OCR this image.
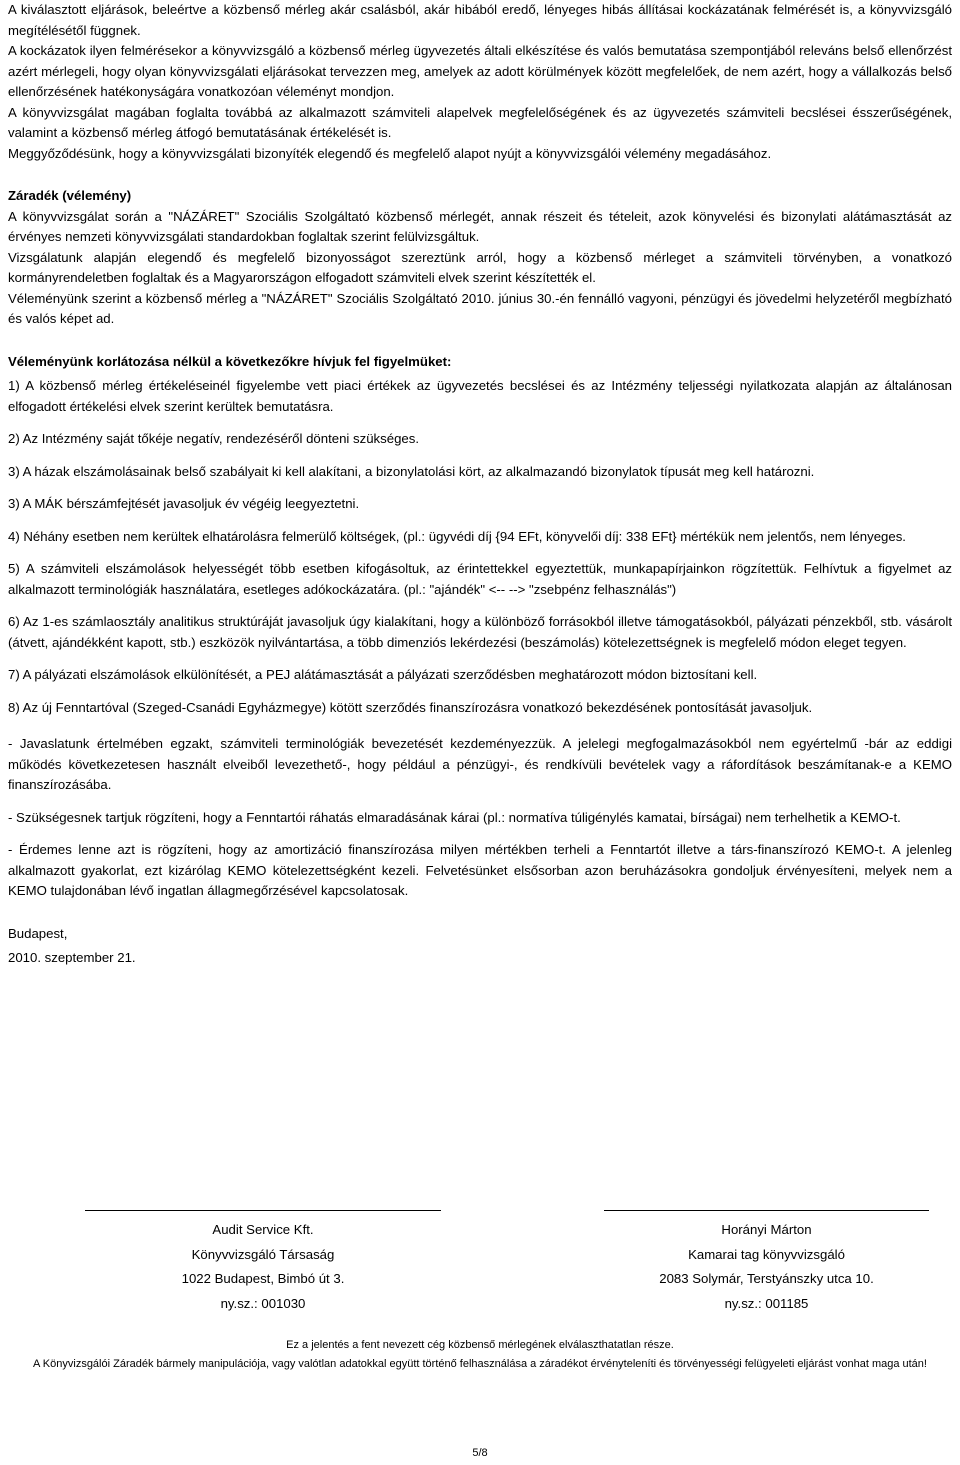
A kiválasztott eljárások, beleértve a közbenső mérleg akár csalásból, akár hibából eredő, lényeges hibás állításai kockázatának felmérését is, a könyvvizsgáló megítélésétől függnek.

A kockázatok ilyen felmérésekor a könyvvizsgáló a közbenső mérleg ügyvezetés általi elkészítése és valós bemutatása szempontjából releváns belső ellenőrzést azért mérlegeli, hogy olyan könyvvizsgálati eljárásokat tervezzen meg, amelyek az adott körülmények között megfelelőek, de nem azért, hogy a vállalkozás belső ellenőrzésének hatékonyságára vonatkozóan véleményt mondjon.

A könyvvizsgálat magában foglalta továbbá az alkalmazott számviteli alapelvek megfelelőségének és az ügyvezetés számviteli becslései ésszerűségének, valamint a közbenső mérleg átfogó bemutatásának értékelését is.

Meggyőződésünk, hogy a könyvvizsgálati bizonyíték elegendő és megfelelő alapot nyújt a könyvvizsgálói vélemény megadásához.

Záradék (vélemény)

A könyvvizsgálat során a "NÁZÁRET" Szociális Szolgáltató közbenső mérlegét, annak részeit és tételeit, azok könyvelési és bizonylati alátámasztását az érvényes nemzeti könyvvizsgálati standardokban foglaltak szerint felülvizsgáltuk.

Vizsgálatunk alapján elegendő és megfelelő bizonyosságot szereztünk arról, hogy a közbenső mérleget a számviteli törvényben, a vonatkozó kormányrendeletben foglaltak és a Magyarországon elfogadott számviteli elvek szerint készítették el.

Véleményünk szerint a közbenső mérleg a "NÁZÁRET" Szociális Szolgáltató 2010. június 30.-én fennálló vagyoni, pénzügyi és jövedelmi helyzetéről megbízható és valós képet ad.

Véleményünk korlátozása nélkül a következőkre hívjuk fel figyelmüket:

1) A közbenső mérleg értékeléseinél figyelembe vett piaci értékek az ügyvezetés becslései és az Intézmény teljességi nyilatkozata alapján az általánosan elfogadott értékelési elvek szerint kerültek bemutatásra.

2) Az Intézmény saját tőkéje negatív, rendezéséről dönteni szükséges.

3) A házak elszámolásainak belső szabályait ki kell alakítani, a bizonylatolási kört, az alkalmazandó bizonylatok típusát meg kell határozni.

3) A MÁK bérszámfejtését javasoljuk év végéig leegyeztetni.

4) Néhány esetben nem kerültek elhatárolásra felmerülő költségek, (pl.: ügyvédi díj {94 EFt, könyvelői díj: 338 EFt} mértékük nem jelentős, nem lényeges.

5) A számviteli elszámolások helyességét több esetben kifogásoltuk, az érintettekkel egyeztettük, munkapapírjainkon rögzítettük. Felhívtuk a figyelmet az alkalmazott terminológiák használatára, esetleges adókockázatára. (pl.: "ajándék" <-- --> "zsebpénz felhasználás")

6) Az 1-es számlaosztály analitikus struktúráját javasoljuk úgy kialakítani, hogy a különböző forrásokból illetve támogatásokból, pályázati pénzekből, stb. vásárolt (átvett, ajándékként kapott, stb.) eszközök nyilvántartása, a több dimenziós lekérdezési (beszámolás) kötelezettségnek is megfelelő módon eleget tegyen.

7) A pályázati elszámolások elkülönítését, a PEJ alátámasztását a pályázati szerződésben meghatározott módon biztosítani kell.

8) Az új Fenntartóval (Szeged-Csanádi Egyházmegye) kötött szerződés finanszírozásra vonatkozó bekezdésének pontosítását javasoljuk.

- Javaslatunk értelmében egzakt, számviteli terminológiák bevezetését kezdeményezzük. A jelelegi megfogalmazásokból nem egyértelmű -bár az eddigi működés következetesen használt elveiből levezethető-, hogy például a pénzügyi-, és rendkívüli bevételek vagy a ráfordítások beszámítanak-e a KEMO finanszírozásába.

- Szükségesnek tartjuk rögzíteni, hogy a Fenntartói ráhatás elmaradásának kárai (pl.: normatíva túligénylés kamatai, bírságai) nem terhelhetik a KEMO-t.

- Érdemes lenne azt is rögzíteni, hogy az amortizáció finanszírozása milyen mértékben terheli a Fenntartót illetve a társ-finanszírozó KEMO-t. A jelenleg alkalmazott gyakorlat, ezt kizárólag KEMO kötelezettségként kezeli. Felvetésünket elsősorban azon beruházásokra gondoljuk érvényesíteni, melyek nem a KEMO tulajdonában lévő ingatlan állagmegőrzésével kapcsolatosak.

Budapest,

2010. szeptember 21.

Audit Service Kft.
Könyvvizsgáló Társaság
1022 Budapest, Bimbó út 3.
ny.sz.: 001030
Horányi Márton
Kamarai tag könyvvizsgáló
2083 Solymár, Terstyánszky utca 10.
ny.sz.: 001185
Ez a jelentés a fent nevezett cég közbenső mérlegének elválaszthatatlan része.
A Könyvizsgálói Záradék bármely manipulációja, vagy valótlan adatokkal együtt történő felhasználása a záradékot érvényteleníti és törvényességi felügyeleti eljárást vonhat maga után!
5/8
